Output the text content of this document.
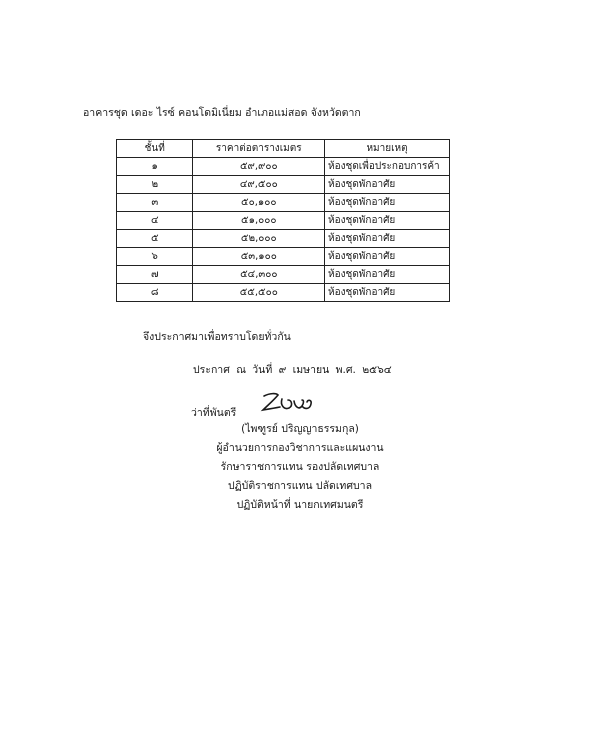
อาคารชุด เดอะ ไรซ์ คอนโดมิเนี่ยม อำเภอแม่สอด จังหวัดตาก
ชั้นที่	ราคาต่อตารางเมตร	หมายเหตุ
๑	๕๙,๙๐๐	ห้องชุดเพื่อประกอบการค้า
๒	๔๙,๕๐๐	ห้องชุดพักอาศัย
๓	๕๐,๑๐๐	ห้องชุดพักอาศัย
๔	๕๑,๐๐๐	ห้องชุดพักอาศัย
๕	๕๒,๐๐๐	ห้องชุดพักอาศัย
๖	๕๓,๑๐๐	ห้องชุดพักอาศัย
๗	๕๔,๓๐๐	ห้องชุดพักอาศัย
๘	๕๕,๕๐๐	ห้องชุดพักอาศัย
จึงประกาศมาเพื่อทราบโดยทั่วกัน
ประกาศ ณ วันที่ ๙ เมษายน พ.ศ. ๒๕๖๔
ว่าที่พันตรี
(ไพฑูรย์ ปริญญาธรรมกุล)
ผู้อำนวยการกองวิชาการและแผนงาน
รักษาราชการแทน รองปลัดเทศบาล
ปฏิบัติราชการแทน ปลัดเทศบาล
ปฏิบัติหน้าที่ นายกเทศมนตรี
